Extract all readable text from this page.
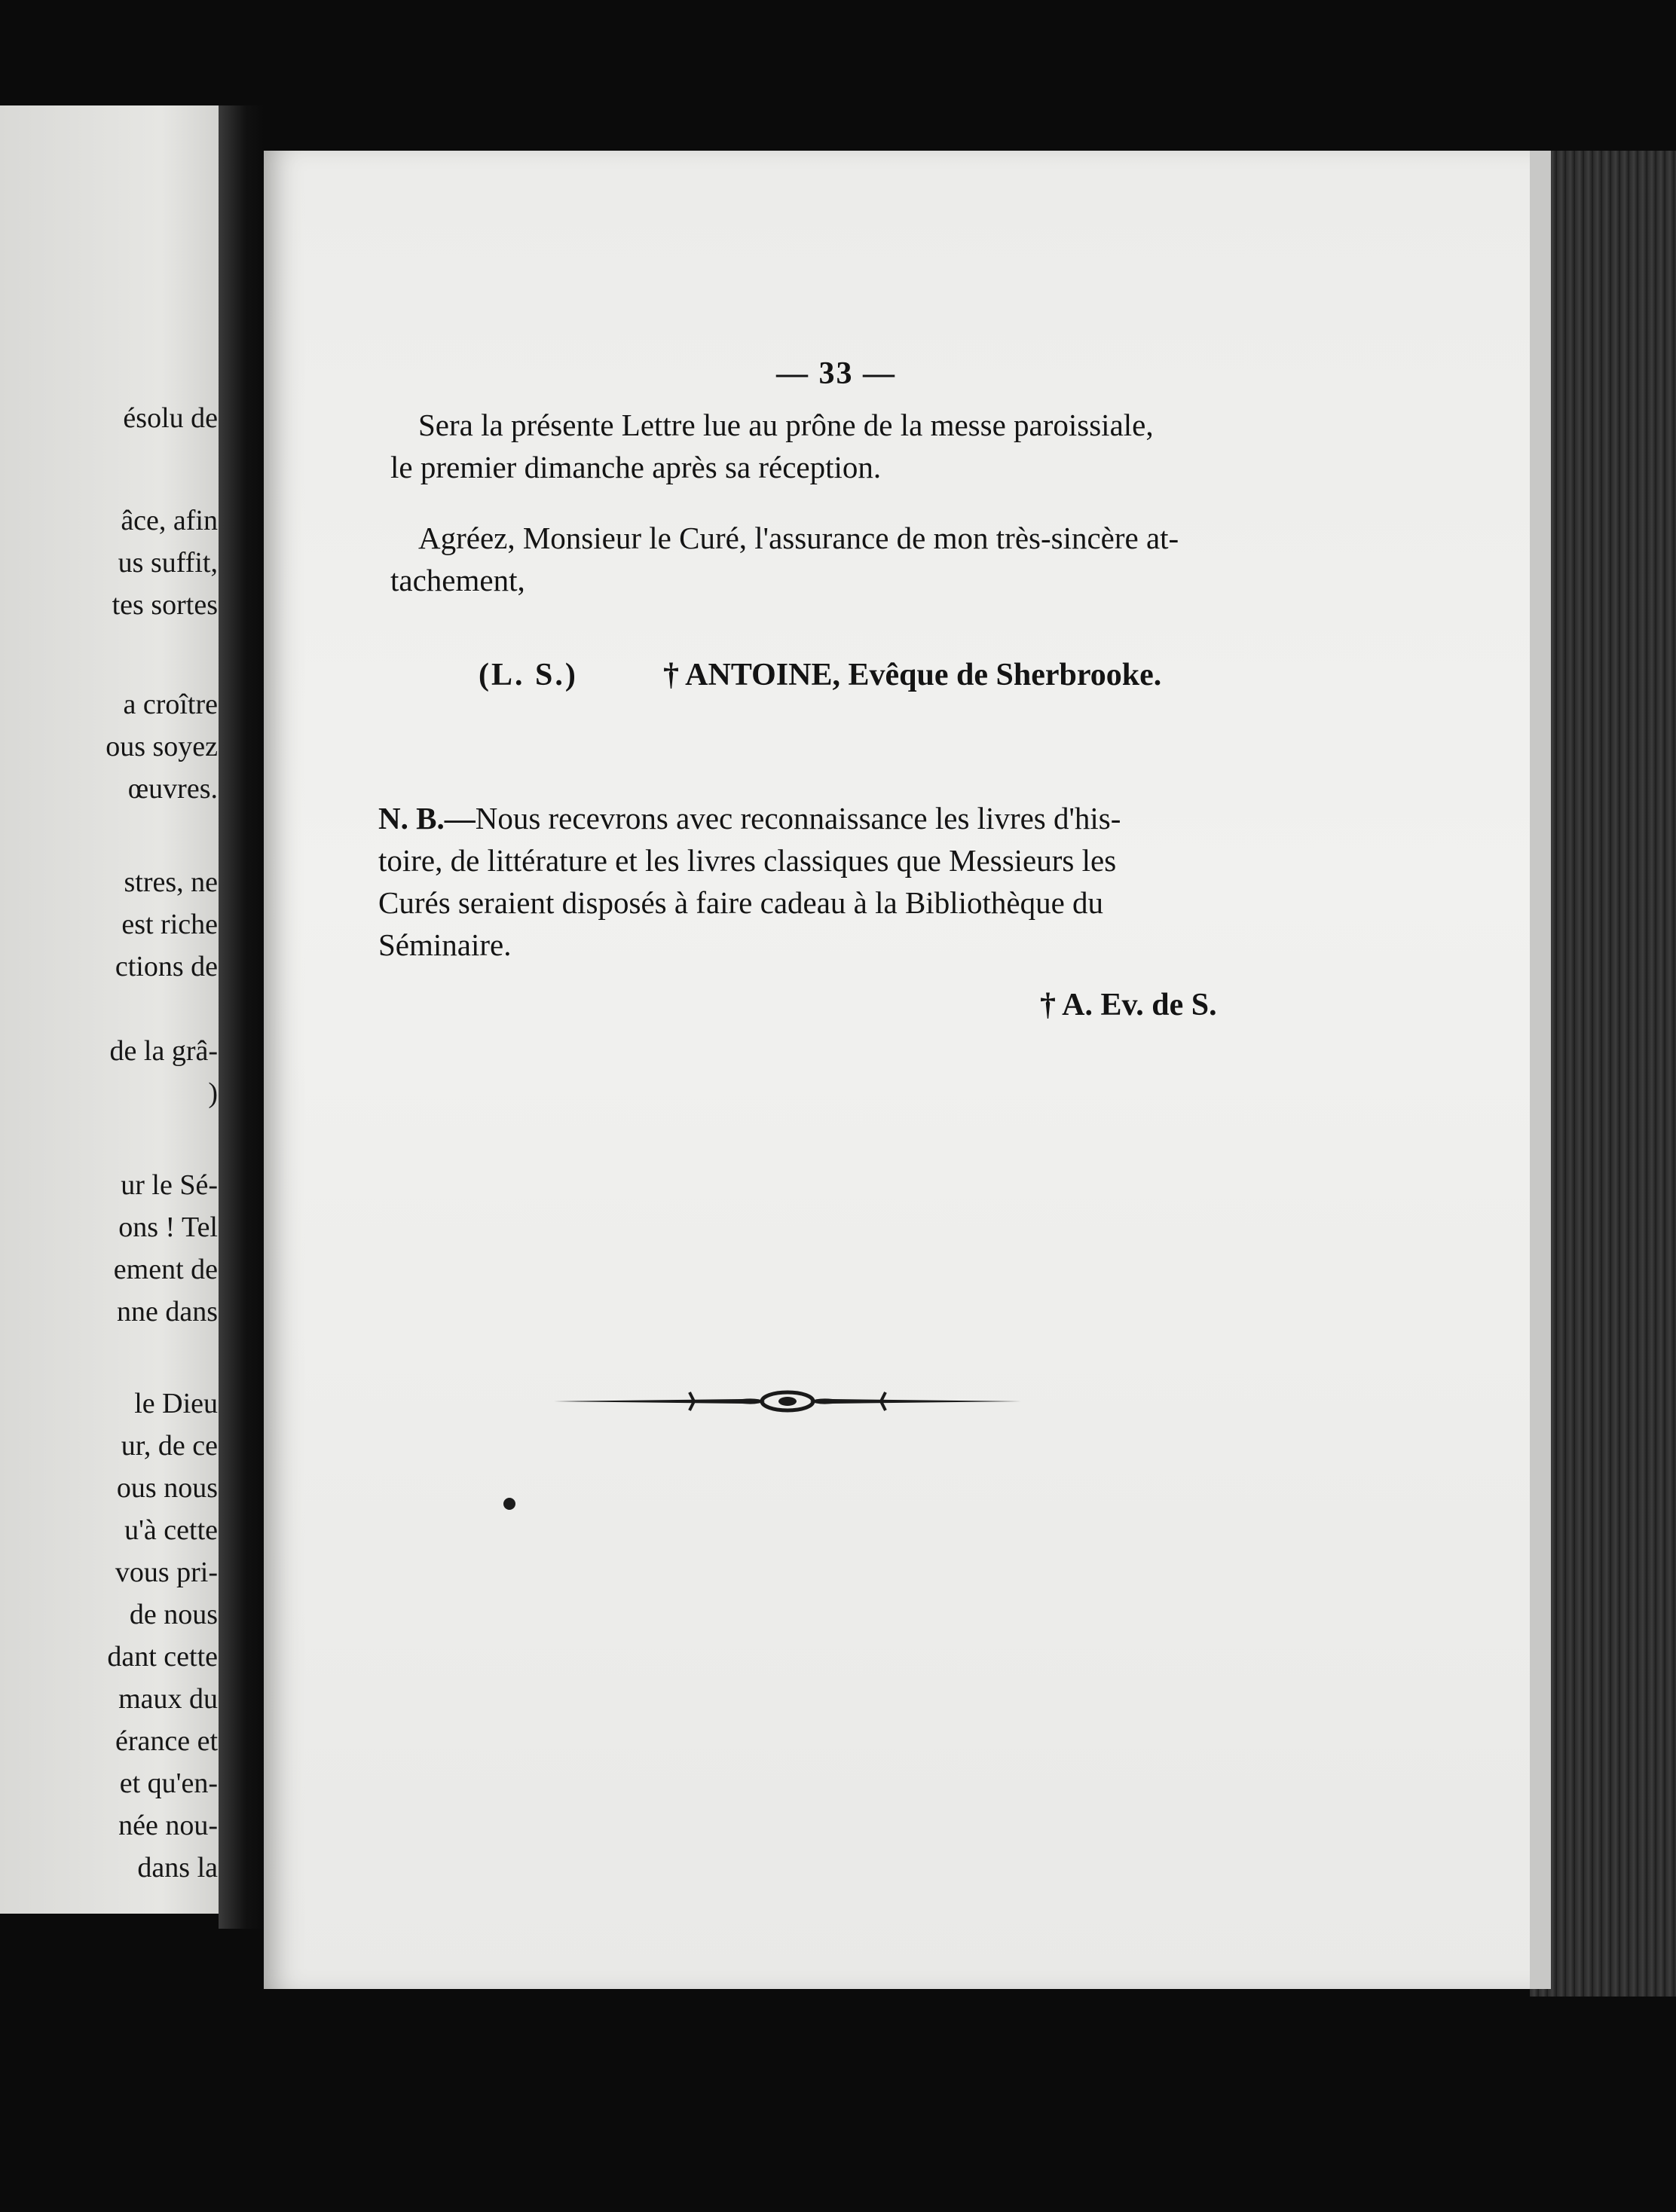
ésolu de

âce, afin

us suffit,

tes sortes

a croître

ous soyez

œuvres.

stres, ne

est riche

ctions de

de la grâ-

)

ur le Sé-

ons ! Tel

ement de

nne dans

le Dieu

ur, de ce

ous nous

u'à cette

vous pri-

de nous

dant cette

maux du

érance et

et qu'en-

née nou-

dans la

— 33 —

Sera la présente Lettre lue au prône de la messe paroissiale,

le premier dimanche après sa réception.

Agréez, Monsieur le Curé, l'assurance de mon très-sincère at-

tachement,

(L. S.)	† ANTOINE, Evêque de Sherbrooke.

N. B.—Nous recevrons avec reconnaissance les livres d'his-

toire, de littérature et les livres classiques que Messieurs les

Curés seraient disposés à faire cadeau à la Bibliothèque du

Séminaire.

† A. Ev. de S.
